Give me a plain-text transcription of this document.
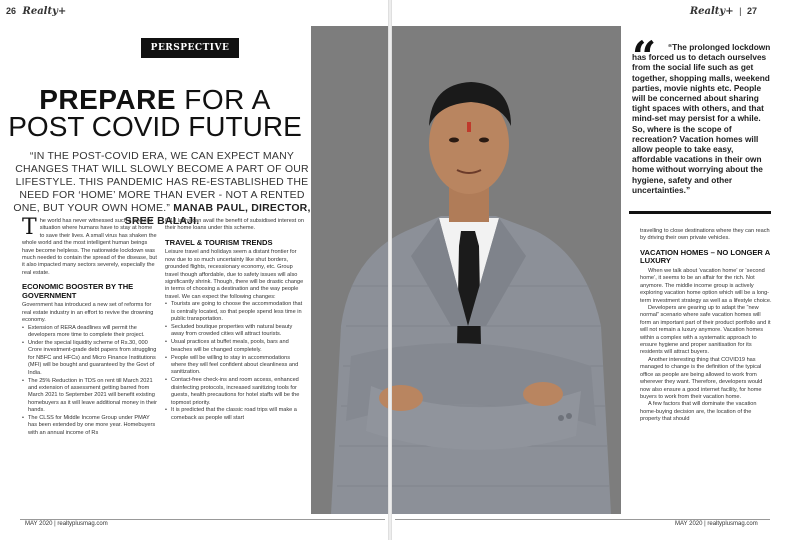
26 Realty+
PERSPECTIVE
PREPARE FOR A
POST COVID FUTURE
“IN THE POST-COVID ERA, WE CAN EXPECT MANY CHANGES THAT WILL SLOWLY BECOME A PART OF OUR LIFESTYLE. THIS PANDEMIC HAS RE-ESTABLISHED THE NEED FOR ‘HOME’ MORE THAN EVER - NOT A RENTED ONE, BUT YOUR OWN HOME.” MANAB PAUL, DIRECTOR, SREE BALAJI.
T he world has never witnessed such a peculiar situation where humans have to stay at home to save their lives. A small virus has shaken the whole world and the most intelligent human beings have become helpless. The nationwide lockdown was much needed to contain the spread of the disease, but it also impacted many sectors severely, especially the real estate.

ECONOMIC BOOSTER BY THE GOVERNMENT

Government has introduced a new set of reforms for real estate industry in an effort to revive the drowning economy.

• Extension of RERA deadlines will permit the developers more time to complete their project.
• Under the special liquidity scheme of Rs.30, 000 Crore investment-grade debt papers from struggling for NBFC and HFCs) and Micro Finance Institutions (MFI) will be bought and guaranteed by the Govt of India.
• The 25% Reduction in TDS on rent till March 2021 and extension of assessment getting barred from March 2021 to September 2021 will benefit existing homebuyers as it will leave additional money in their hands.
• The CLSS for Middle Income Group under PMAY has been extended by one more year. Homebuyers with an annual income of Rs

6-18 lakhs can avail the benefit of subsidised interest on their home loans under this scheme.

TRAVEL & TOURISM TRENDS

Leisure travel and holidays seem a distant frontier for now due to so much uncertainty like shut borders, grounded flights, recessionary economy, etc. Group travel though affordable, due to safety issues will also significantly shrink. Though, there will be drastic change in terms of choosing a destination and the way people travel. We can expect the following changes:

• Tourists are going to choose the accommodation that is centrally located, so that people spend less time in public transportation.
• Secluded boutique properties with natural beauty away from crowded cities will attract tourists.
• Usual practices at buffet meals, pools, bars and beaches will be changed completely.
• People will be willing to stay in accommodations where they will feel confident about cleanliness and sanitization.
• Contact-free check-ins and room access, enhanced disinfecting protocols, increased sanitizing tools for guests, health precautions for hotel staffs will be the topmost priority.
• It is predicted that the classic road trips will make a comeback as people will start
Realty+ | 27
“	“The prolonged lockdown has forced us to detach ourselves from the social life such as get together, shopping malls, weekend parties, movie nights etc. People will be concerned about sharing tight spaces with others, and that mind-set may persist for a while. So, where is the scope of recreation? Vacation homes will allow people to take easy, affordable vacations in their own home without worrying about the hygiene, safety and other uncertainties.”

travelling to close destinations where they can reach by driving their own private vehicles.

VACATION HOMES – NO LONGER A LUXURY

When we talk about ‘vacation home’ or ‘second home’, it seems to be an affair for the rich. Not anymore. The middle income group is actively exploring vacation home option which will be a long-term investment strategy as well as a lifestyle choice.

Developers are gearing up to adapt the “new normal” scenario where safe vacation homes will form an important part of their product portfolio and it will not remain a luxury anymore. Vacation homes within a complex with a systematic approach to ensure hygiene and proper sanitisation for its residents will attract buyers.

Another interesting thing that COVID19 has managed to change is the definition of the typical office as people are being allowed to work from wherever they want. Therefore, developers would now also ensure a good internet facility, for home buyers to work from their vacation home.

A few factors that will dominate the vacation home-buying decision are, the location of the property that should

MAY 2020 | realtyplusmag.com	MAY 2020 | realtyplusmag.com
